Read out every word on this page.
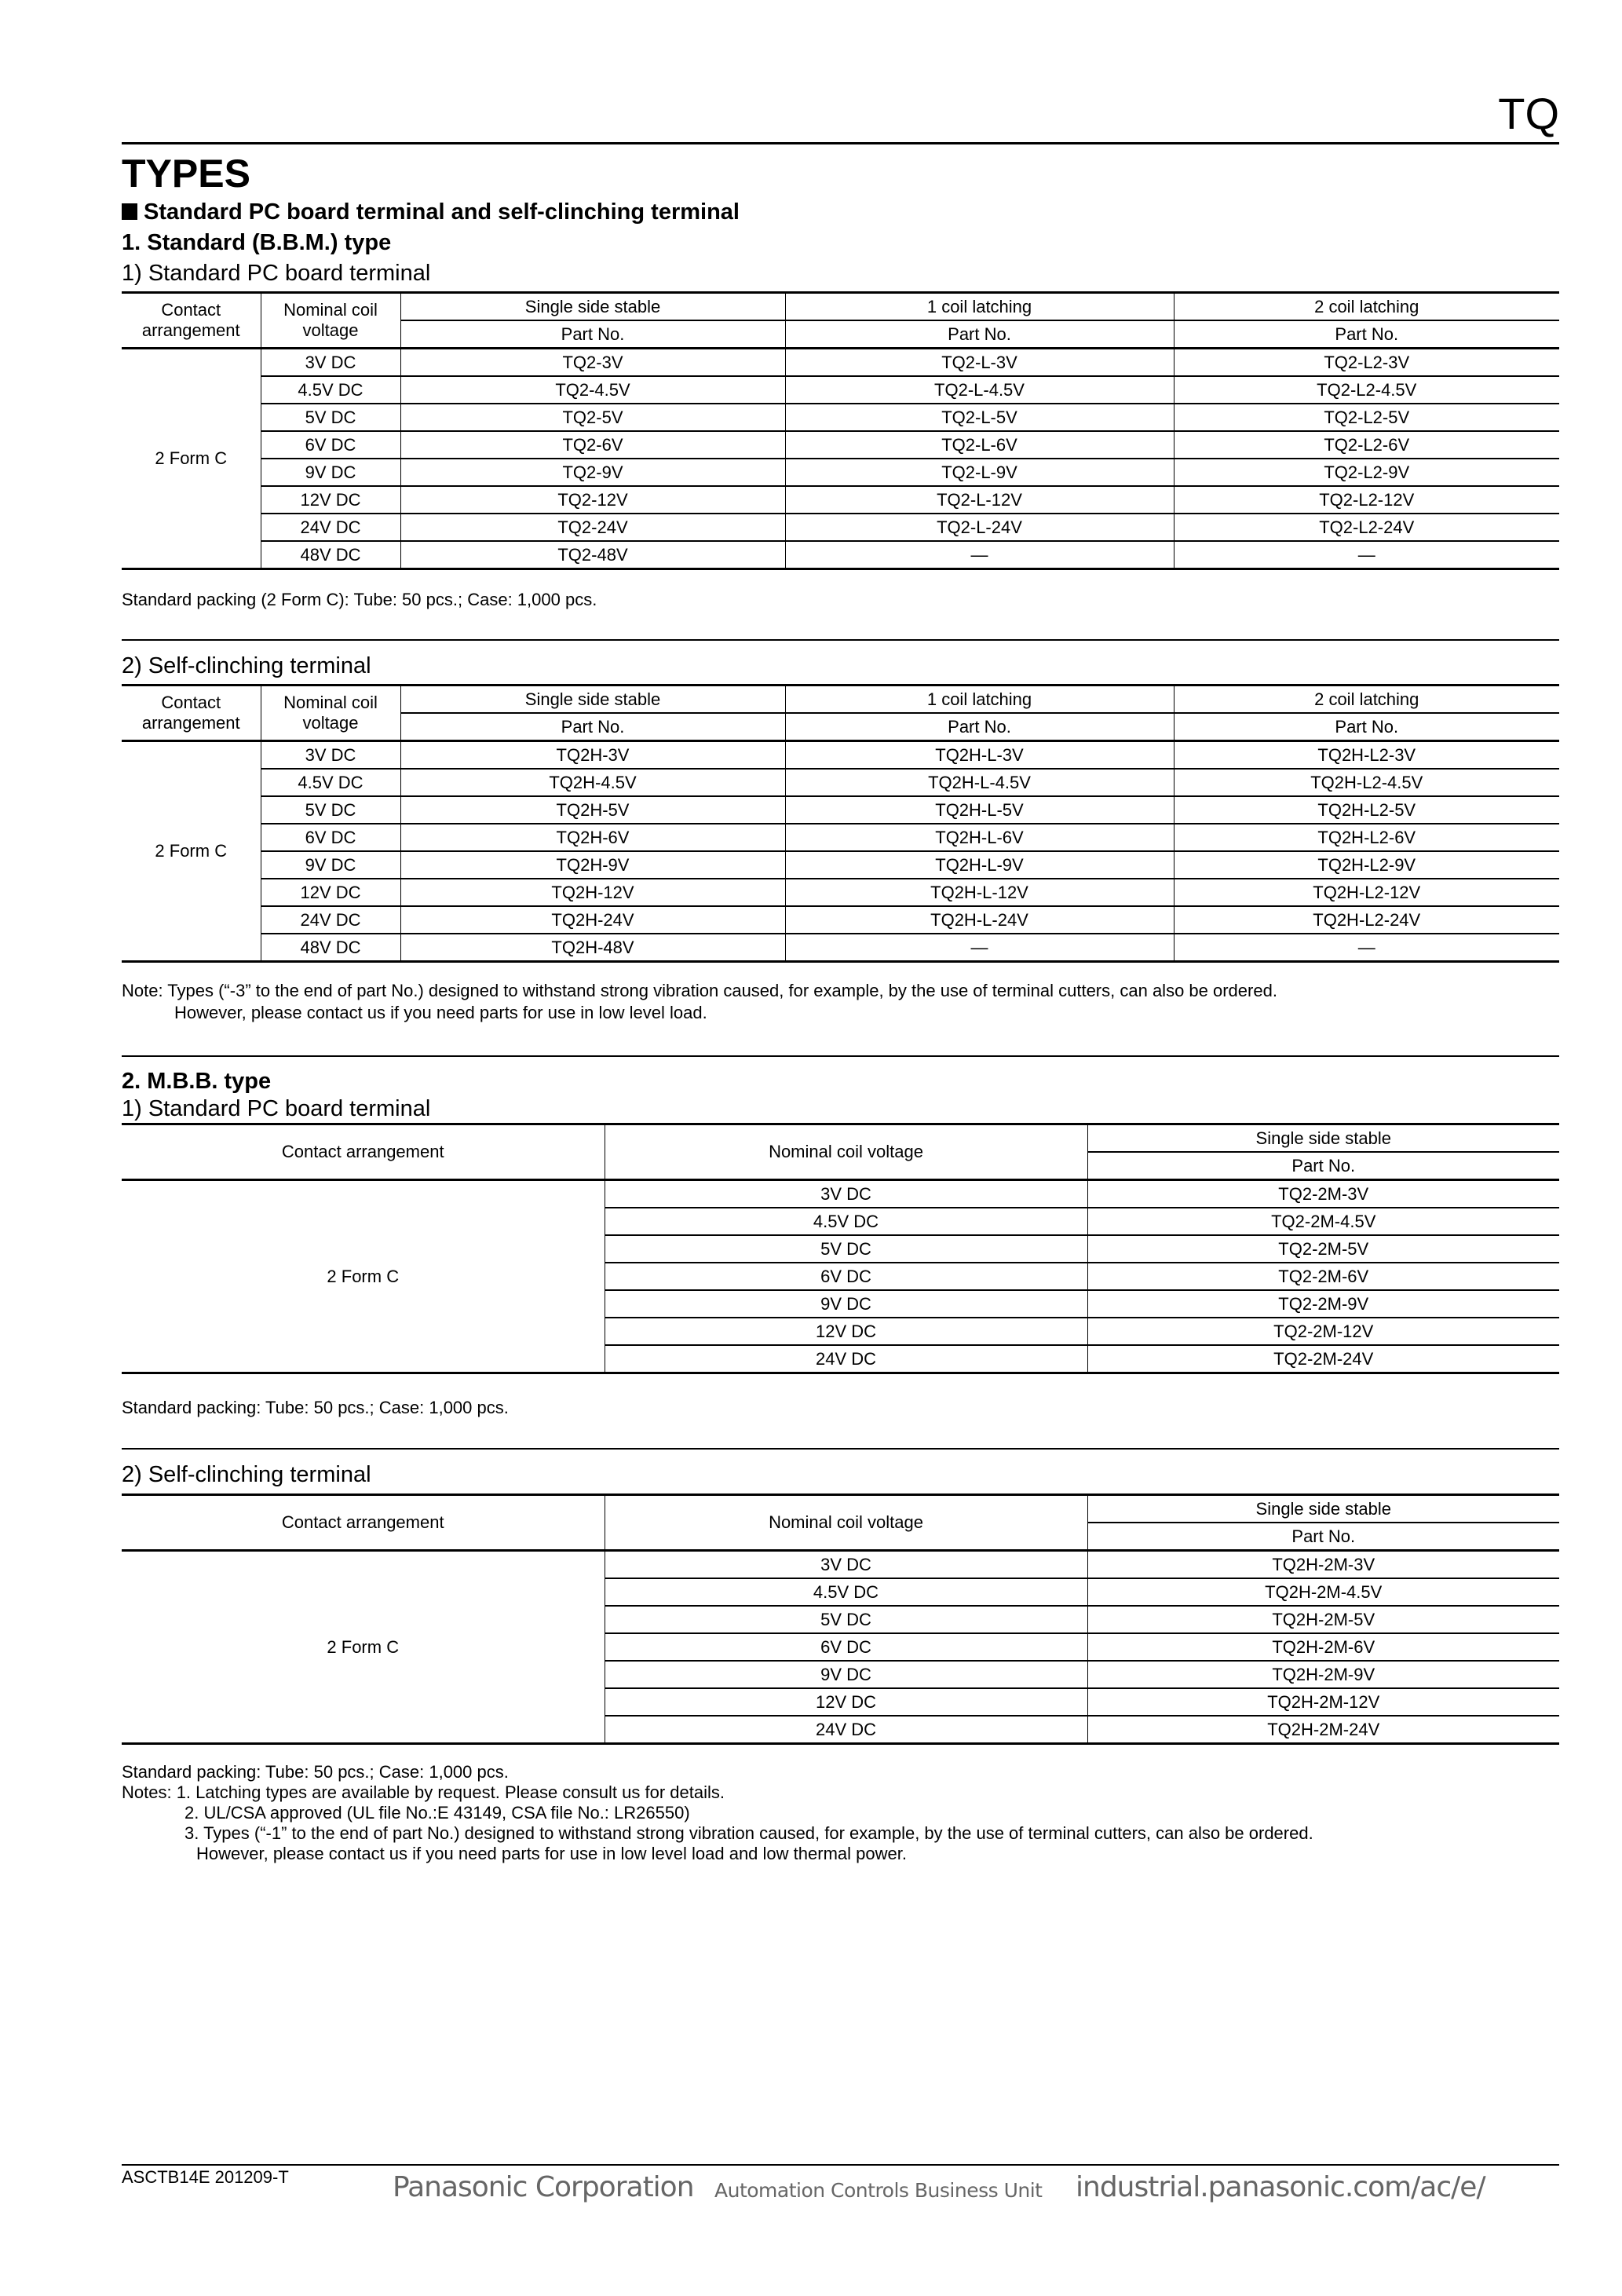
TQ
TYPES
Standard PC board terminal and self-clinching terminal
1. Standard (B.B.M.) type
1) Standard PC board terminal
Contact arrangement	Nominal coil voltage	Single side stable	1 coil latching	2 coil latching
		Part No.	Part No.	Part No.
2 Form C	3V DC	TQ2-3V	TQ2-L-3V	TQ2-L2-3V
	4.5V DC	TQ2-4.5V	TQ2-L-4.5V	TQ2-L2-4.5V
	5V DC	TQ2-5V	TQ2-L-5V	TQ2-L2-5V
	6V DC	TQ2-6V	TQ2-L-6V	TQ2-L2-6V
	9V DC	TQ2-9V	TQ2-L-9V	TQ2-L2-9V
	12V DC	TQ2-12V	TQ2-L-12V	TQ2-L2-12V
	24V DC	TQ2-24V	TQ2-L-24V	TQ2-L2-24V
	48V DC	TQ2-48V	—	—
Standard packing (2 Form C): Tube: 50 pcs.; Case: 1,000 pcs.
2) Self-clinching terminal
Contact arrangement	Nominal coil voltage	Single side stable	1 coil latching	2 coil latching
		Part No.	Part No.	Part No.
2 Form C	3V DC	TQ2H-3V	TQ2H-L-3V	TQ2H-L2-3V
	4.5V DC	TQ2H-4.5V	TQ2H-L-4.5V	TQ2H-L2-4.5V
	5V DC	TQ2H-5V	TQ2H-L-5V	TQ2H-L2-5V
	6V DC	TQ2H-6V	TQ2H-L-6V	TQ2H-L2-6V
	9V DC	TQ2H-9V	TQ2H-L-9V	TQ2H-L2-9V
	12V DC	TQ2H-12V	TQ2H-L-12V	TQ2H-L2-12V
	24V DC	TQ2H-24V	TQ2H-L-24V	TQ2H-L2-24V
	48V DC	TQ2H-48V	—	—
Note: Types (“-3” to the end of part No.) designed to withstand strong vibration caused, for example, by the use of terminal cutters, can also be ordered.
However, please contact us if you need parts for use in low level load.
2. M.B.B. type
1) Standard PC board terminal
Contact arrangement	Nominal coil voltage	Single side stable
		Part No.
2 Form C	3V DC	TQ2-2M-3V
	4.5V DC	TQ2-2M-4.5V
	5V DC	TQ2-2M-5V
	6V DC	TQ2-2M-6V
	9V DC	TQ2-2M-9V
	12V DC	TQ2-2M-12V
	24V DC	TQ2-2M-24V
Standard packing: Tube: 50 pcs.; Case: 1,000 pcs.
2) Self-clinching terminal
Contact arrangement	Nominal coil voltage	Single side stable
		Part No.
2 Form C	3V DC	TQ2H-2M-3V
	4.5V DC	TQ2H-2M-4.5V
	5V DC	TQ2H-2M-5V
	6V DC	TQ2H-2M-6V
	9V DC	TQ2H-2M-9V
	12V DC	TQ2H-2M-12V
	24V DC	TQ2H-2M-24V
Standard packing: Tube: 50 pcs.; Case: 1,000 pcs.
Notes: 1. Latching types are available by request. Please consult us for details.
2. UL/CSA approved (UL file No.:E 43149, CSA file No.: LR26550)
3. Types (“-1” to the end of part No.) designed to withstand strong vibration caused, for example, by the use of terminal cutters, can also be ordered.
However, please contact us if you need parts for use in low level load and low thermal power.
ASCTB14E 201209-T	Panasonic Corporation Automation Controls Business Unit industrial.panasonic.com/ac/e/
